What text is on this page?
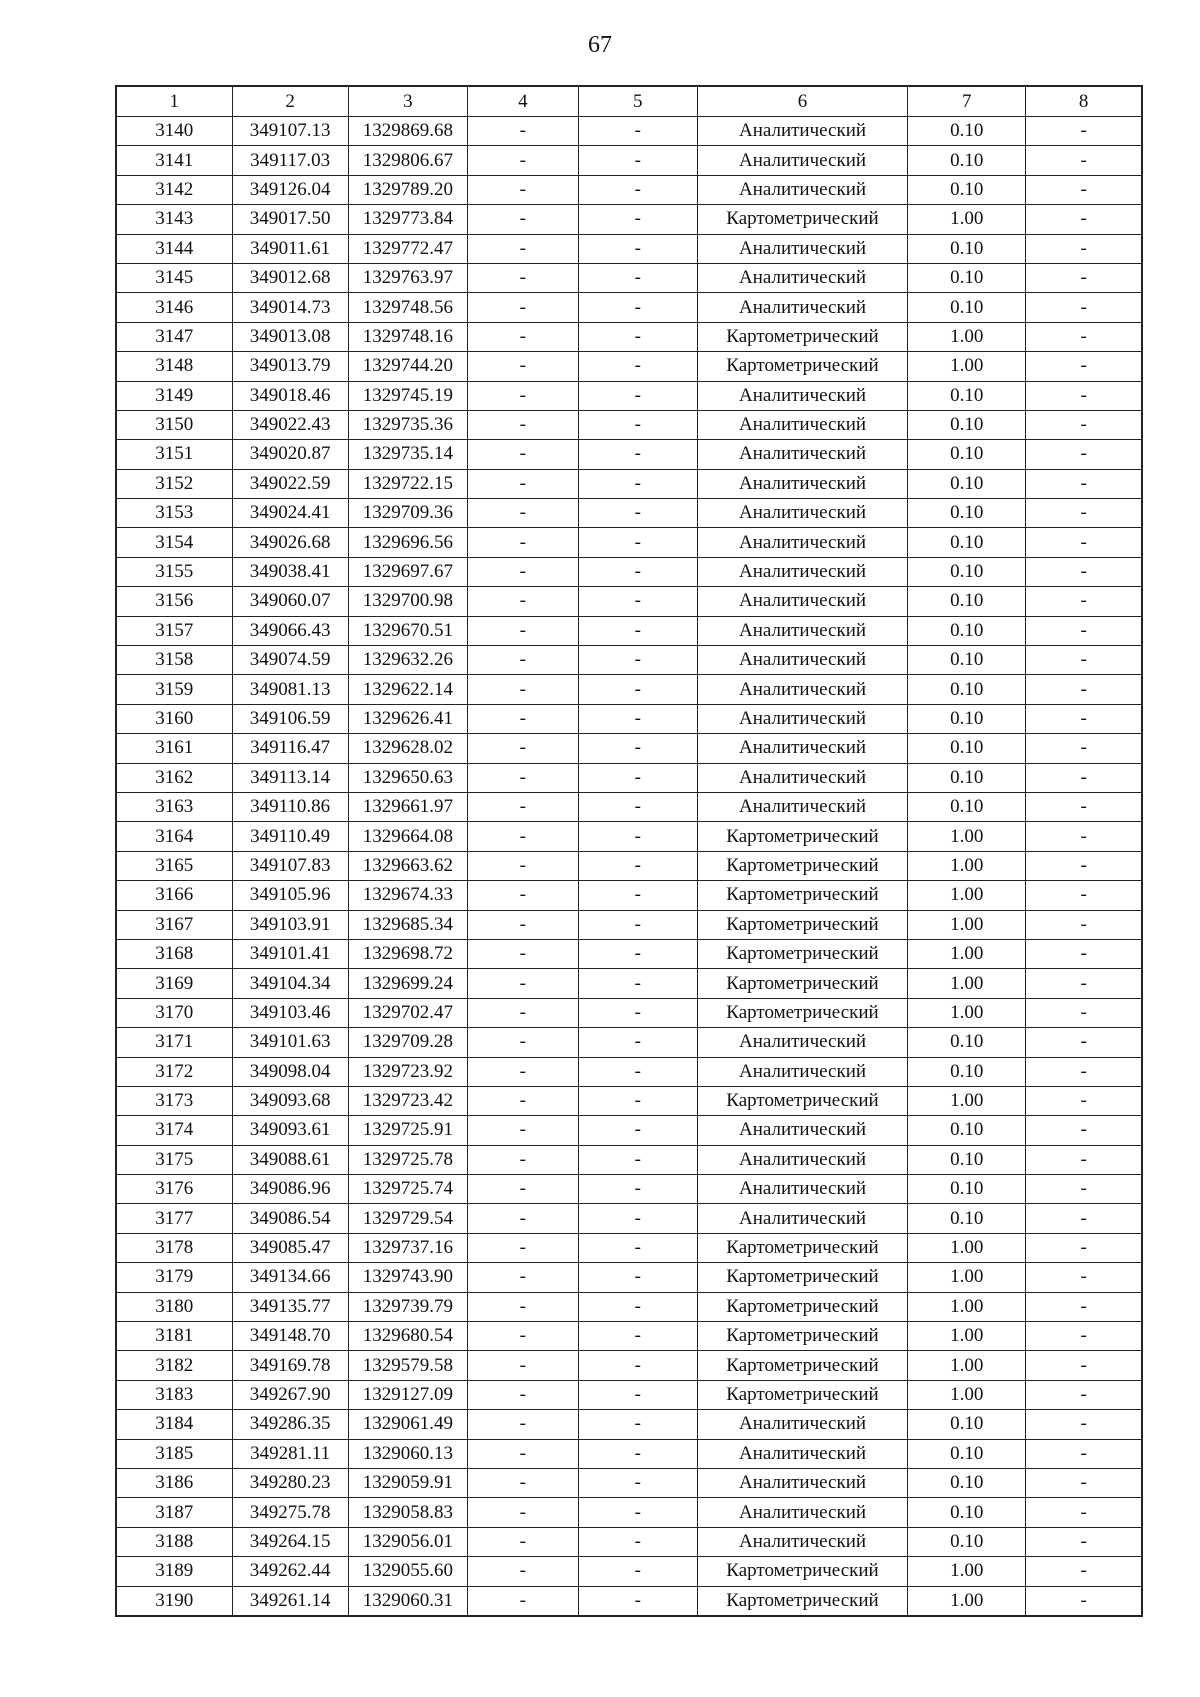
67
1	2	3	4	5	6	7	8
3140	349107.13	1329869.68	-	-	Аналитический	0.10	-
3141	349117.03	1329806.67	-	-	Аналитический	0.10	-
3142	349126.04	1329789.20	-	-	Аналитический	0.10	-
3143	349017.50	1329773.84	-	-	Картометрический	1.00	-
3144	349011.61	1329772.47	-	-	Аналитический	0.10	-
3145	349012.68	1329763.97	-	-	Аналитический	0.10	-
3146	349014.73	1329748.56	-	-	Аналитический	0.10	-
3147	349013.08	1329748.16	-	-	Картометрический	1.00	-
3148	349013.79	1329744.20	-	-	Картометрический	1.00	-
3149	349018.46	1329745.19	-	-	Аналитический	0.10	-
3150	349022.43	1329735.36	-	-	Аналитический	0.10	-
3151	349020.87	1329735.14	-	-	Аналитический	0.10	-
3152	349022.59	1329722.15	-	-	Аналитический	0.10	-
3153	349024.41	1329709.36	-	-	Аналитический	0.10	-
3154	349026.68	1329696.56	-	-	Аналитический	0.10	-
3155	349038.41	1329697.67	-	-	Аналитический	0.10	-
3156	349060.07	1329700.98	-	-	Аналитический	0.10	-
3157	349066.43	1329670.51	-	-	Аналитический	0.10	-
3158	349074.59	1329632.26	-	-	Аналитический	0.10	-
3159	349081.13	1329622.14	-	-	Аналитический	0.10	-
3160	349106.59	1329626.41	-	-	Аналитический	0.10	-
3161	349116.47	1329628.02	-	-	Аналитический	0.10	-
3162	349113.14	1329650.63	-	-	Аналитический	0.10	-
3163	349110.86	1329661.97	-	-	Аналитический	0.10	-
3164	349110.49	1329664.08	-	-	Картометрический	1.00	-
3165	349107.83	1329663.62	-	-	Картометрический	1.00	-
3166	349105.96	1329674.33	-	-	Картометрический	1.00	-
3167	349103.91	1329685.34	-	-	Картометрический	1.00	-
3168	349101.41	1329698.72	-	-	Картометрический	1.00	-
3169	349104.34	1329699.24	-	-	Картометрический	1.00	-
3170	349103.46	1329702.47	-	-	Картометрический	1.00	-
3171	349101.63	1329709.28	-	-	Аналитический	0.10	-
3172	349098.04	1329723.92	-	-	Аналитический	0.10	-
3173	349093.68	1329723.42	-	-	Картометрический	1.00	-
3174	349093.61	1329725.91	-	-	Аналитический	0.10	-
3175	349088.61	1329725.78	-	-	Аналитический	0.10	-
3176	349086.96	1329725.74	-	-	Аналитический	0.10	-
3177	349086.54	1329729.54	-	-	Аналитический	0.10	-
3178	349085.47	1329737.16	-	-	Картометрический	1.00	-
3179	349134.66	1329743.90	-	-	Картометрический	1.00	-
3180	349135.77	1329739.79	-	-	Картометрический	1.00	-
3181	349148.70	1329680.54	-	-	Картометрический	1.00	-
3182	349169.78	1329579.58	-	-	Картометрический	1.00	-
3183	349267.90	1329127.09	-	-	Картометрический	1.00	-
3184	349286.35	1329061.49	-	-	Аналитический	0.10	-
3185	349281.11	1329060.13	-	-	Аналитический	0.10	-
3186	349280.23	1329059.91	-	-	Аналитический	0.10	-
3187	349275.78	1329058.83	-	-	Аналитический	0.10	-
3188	349264.15	1329056.01	-	-	Аналитический	0.10	-
3189	349262.44	1329055.60	-	-	Картометрический	1.00	-
3190	349261.14	1329060.31	-	-	Картометрический	1.00	-
